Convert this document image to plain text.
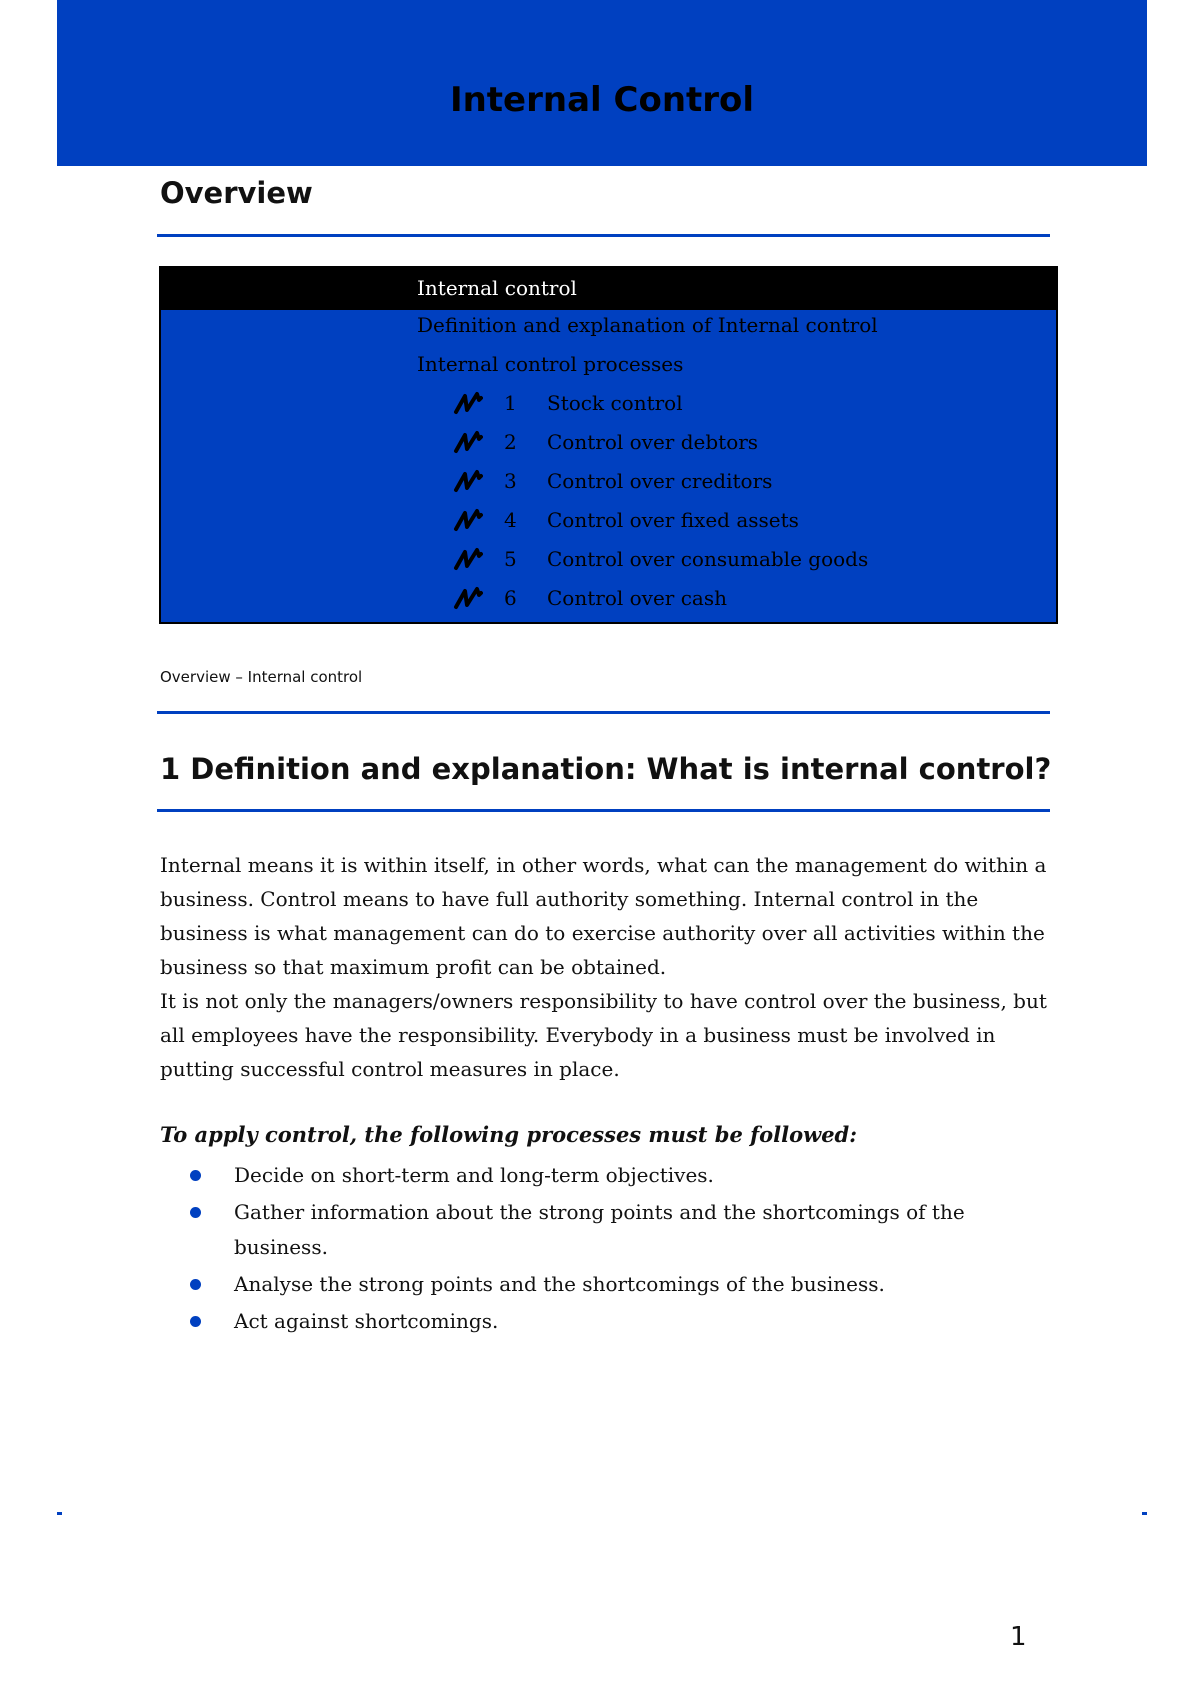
Internal Control
Overview
Internal control
Definition and explanation of Internal control
Internal control processes
1 Stock control
2 Control over debtors
3 Control over creditors
4 Control over fixed assets
5 Control over consumable goods
6 Control over cash
Overview – Internal control
1 Definition and explanation: What is internal control?

Internal means it is within itself, in other words, what can the management do within a business. Control means to have full authority something. Internal control in the business is what management can do to exercise authority over all activities within the business so that maximum profit can be obtained.

It is not only the managers/owners responsibility to have control over the business, but all employees have the responsibility. Everybody in a business must be involved in putting successful control measures in place.

To apply control, the following processes must be followed:
Decide on short-term and long-term objectives.
Gather information about the strong points and the shortcomings of the business.
Analyse the strong points and the shortcomings of the business.
Act against shortcomings.
1
